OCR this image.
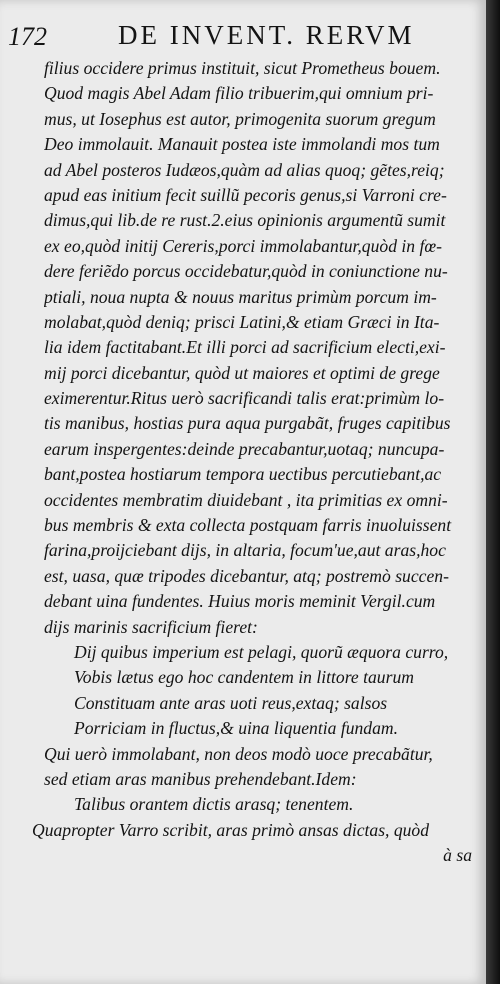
172	DE INVENT. RERVM
filius occidere primus instituit, sicut Prometheus bouem.
Quod magis Abel Adam filio tribuerim,qui omnium pri-
mus, ut Iosephus est autor, primogenita suorum gregum
Deo immolauit. Manauit postea iste immolandi mos tum
ad Abel posteros Iudæos,quàm ad alias quoq; gẽtes,reiq;
apud eas initium fecit suillũ pecoris genus,si Varroni cre-
dimus,qui lib.de re rust.2.eius opinionis argumentũ sumit
ex eo,quòd initij Cereris,porci immolabantur,quòd in fœ-
dere feriẽdo porcus occidebatur,quòd in coniunctione nu-
ptiali, noua nupta & nouus maritus primùm porcum im-
molabat,quòd deniq; prisci Latini,& etiam Græci in Ita-
lia idem factitabant.Et illi porci ad sacrificium electi,exi-
mij porci dicebantur, quòd ut maiores et optimi de grege
eximerentur.Ritus uerò sacrificandi talis erat:primùm lo-
tis manibus, hostias pura aqua purgabãt, fruges capitibus
earum inspergentes:deinde precabantur,uotaq; nuncupa-
bant,postea hostiarum tempora uectibus percutiebant,ac
occidentes membratim diuidebant , ita primitias ex omni-
bus membris & exta collecta postquam farris inuoluissent
farina,proijciebant dijs, in altaria, focum'ue,aut aras,hoc
est, uasa, quæ tripodes dicebantur, atq; postremò succen-
debant uina fundentes. Huius moris meminit Vergil.cum
dijs marinis sacrificium fieret:
Dij quibus imperium est pelagi, quorũ æquora curro,
Vobis lætus ego hoc candentem in littore taurum
Constituam ante aras uoti reus,extaq; salsos
Porriciam in fluctus,& uina liquentia fundam.
Qui uerò immolabant, non deos modò uoce precabãtur,
sed etiam aras manibus prehendebant.Idem:
Talibus orantem dictis arasq; tenentem.
Quapropter Varro scribit, aras primò ansas dictas, quòd
à sa
